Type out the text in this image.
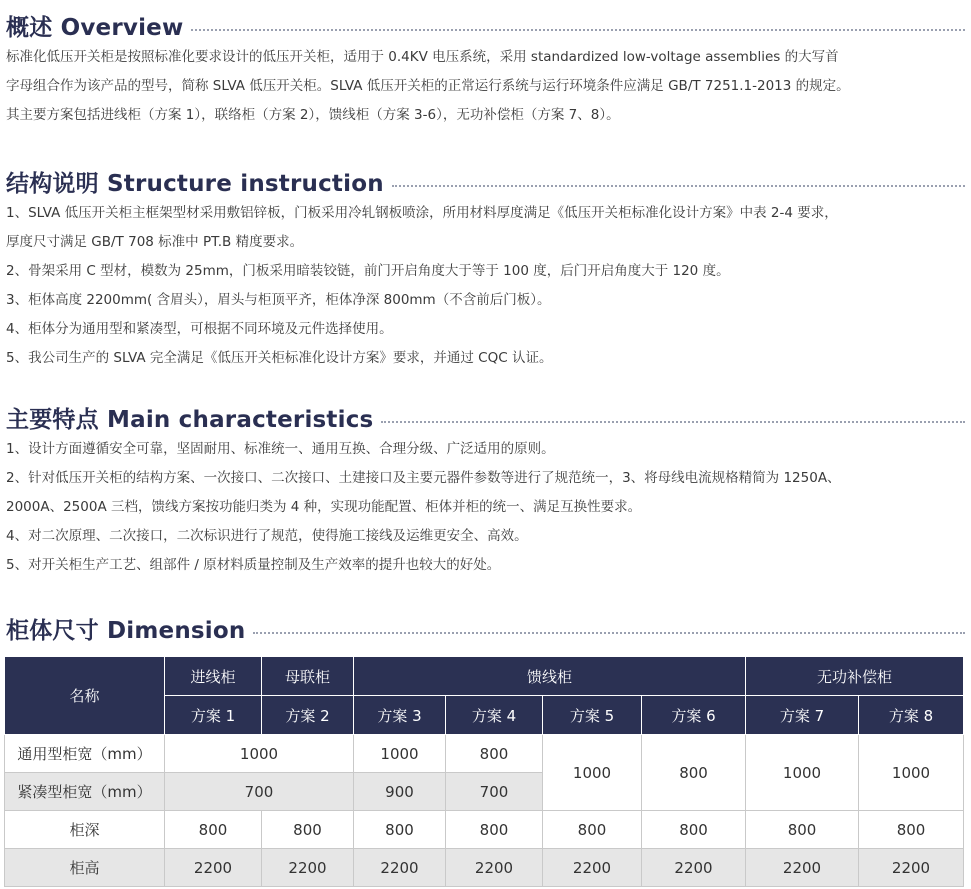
概述 Overview
标准化低压开关柜是按照标准化要求设计的低压开关柜，适用于 0.4KV 电压系统，采用 standardized low-voltage assemblies 的大写首
字母组合作为该产品的型号，简称 SLVA 低压开关柜。SLVA 低压开关柜的正常运行系统与运行环境条件应满足 GB/T 7251.1-2013 的规定。
其主要方案包括进线柜（方案 1），联络柜（方案 2），馈线柜（方案 3-6），无功补偿柜（方案 7、8）。
结构说明 Structure instruction
1、SLVA 低压开关柜主框架型材采用敷铝锌板，门板采用冷轧钢板喷涂，所用材料厚度满足《低压开关柜标准化设计方案》中表 2-4 要求，
厚度尺寸满足 GB/T 708 标准中 PT.B 精度要求。
2、骨架采用 C 型材，模数为 25mm，门板采用暗装铰链，前门开启角度大于等于 100 度，后门开启角度大于 120 度。
3、柜体高度 2200mm( 含眉头），眉头与柜顶平齐，柜体净深 800mm（不含前后门板）。
4、柜体分为通用型和紧凑型，可根据不同环境及元件选择使用。
5、我公司生产的 SLVA 完全满足《低压开关柜标准化设计方案》要求，并通过 CQC 认证。
主要特点 Main characteristics
1、设计方面遵循安全可靠，坚固耐用、标准统一、通用互换、合理分级、广泛适用的原则。
2、针对低压开关柜的结构方案、一次接口、二次接口、土建接口及主要元器件参数等进行了规范统一，3、将母线电流规格精简为 1250A、
2000A、2500A 三档，馈线方案按功能归类为 4 种，实现功能配置、柜体并柜的统一、满足互换性要求。
4、对二次原理、二次接口，二次标识进行了规范，使得施工接线及运维更安全、高效。
5、对开关柜生产工艺、组部件 / 原材料质量控制及生产效率的提升也较大的好处。
柜体尺寸 Dimension
名称	进线柜	母联柜	馈线柜				无功补偿柜	
	方案 1	方案 2	方案 3	方案 4	方案 5	方案 6	方案 7	方案 8
通用型柜宽（mm）	1000		1000	800	1000	800	1000	1000
紧凑型柜宽（mm）	700		900	700				
柜深	800	800	800	800	800	800	800	800
柜高	2200	2200	2200	2200	2200	2200	2200	2200
